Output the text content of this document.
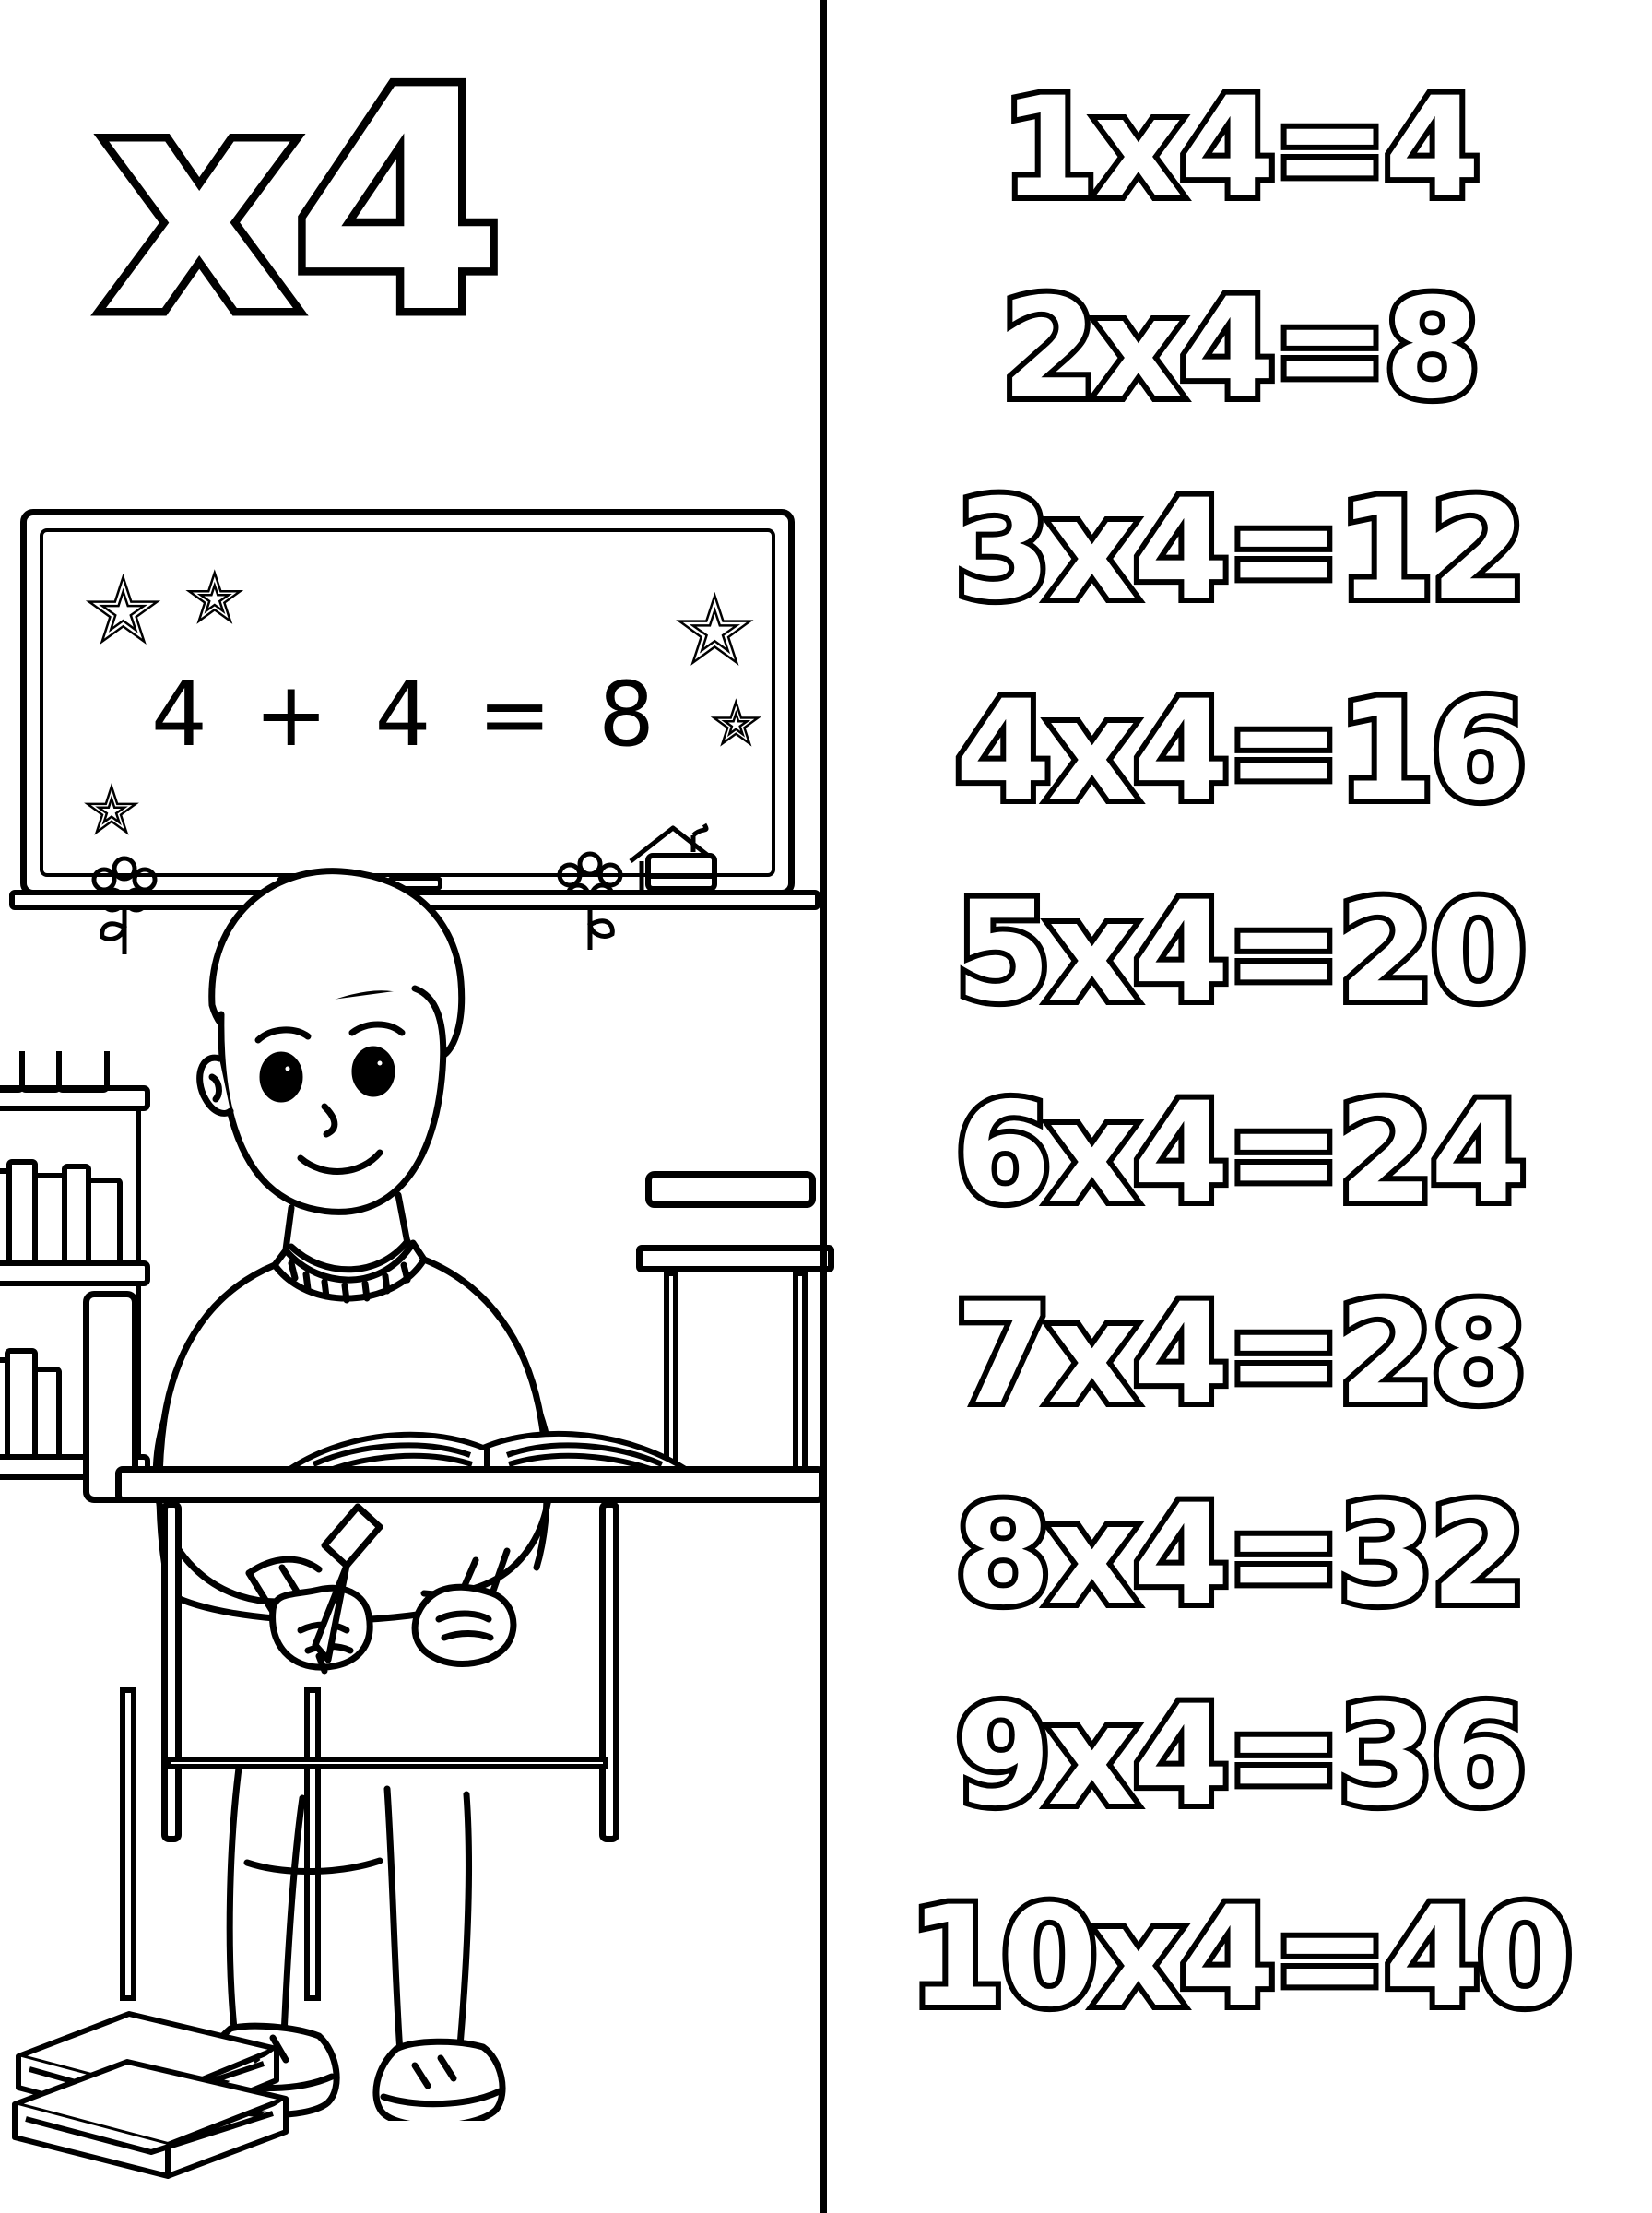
x4
4 + 4 = 8
☆ ☆	☆
☆
☆
1x4=4
2x4=8
3x4=12
4x4=16
5x4=20
6x4=24
7x4=28
8x4=32
9x4=36
10x4=40
